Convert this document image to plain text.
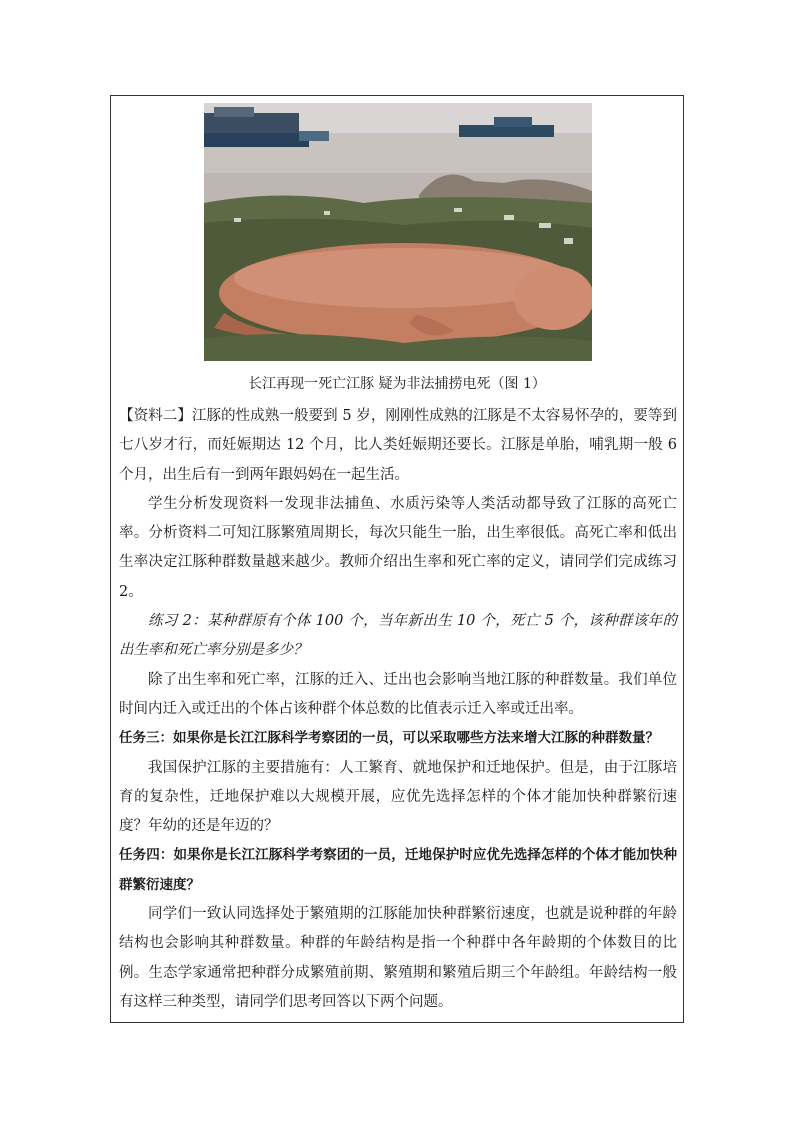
长江再现一死亡江豚 疑为非法捕捞电死（图 1）

【资料二】江豚的性成熟一般要到 5 岁，刚刚性成熟的江豚是不太容易怀孕的，要等到七八岁才行，而妊娠期达 12 个月，比人类妊娠期还要长。江豚是单胎，哺乳期一般 6 个月，出生后有一到两年跟妈妈在一起生活。

学生分析发现资料一发现非法捕鱼、水质污染等人类活动都导致了江豚的高死亡率。分析资料二可知江豚繁殖周期长，每次只能生一胎，出生率很低。高死亡率和低出生率决定江豚种群数量越来越少。教师介绍出生率和死亡率的定义，请同学们完成练习 2。

练习 2：某种群原有个体 100 个，当年新出生 10 个，死亡 5 个，该种群该年的出生率和死亡率分别是多少？

除了出生率和死亡率，江豚的迁入、迁出也会影响当地江豚的种群数量。我们单位时间内迁入或迁出的个体占该种群个体总数的比值表示迁入率或迁出率。

任务三：如果你是长江江豚科学考察团的一员，可以采取哪些方法来增大江豚的种群数量？

我国保护江豚的主要措施有：人工繁育、就地保护和迁地保护。但是，由于江豚培育的复杂性，迁地保护难以大规模开展，应优先选择怎样的个体才能加快种群繁衍速度？年幼的还是年迈的？

任务四：如果你是长江江豚科学考察团的一员，迁地保护时应优先选择怎样的个体才能加快种群繁衍速度？

同学们一致认同选择处于繁殖期的江豚能加快种群繁衍速度，也就是说种群的年龄结构也会影响其种群数量。种群的年龄结构是指一个种群中各年龄期的个体数目的比例。生态学家通常把种群分成繁殖前期、繁殖期和繁殖后期三个年龄组。年龄结构一般有这样三种类型，请同学们思考回答以下两个问题。
